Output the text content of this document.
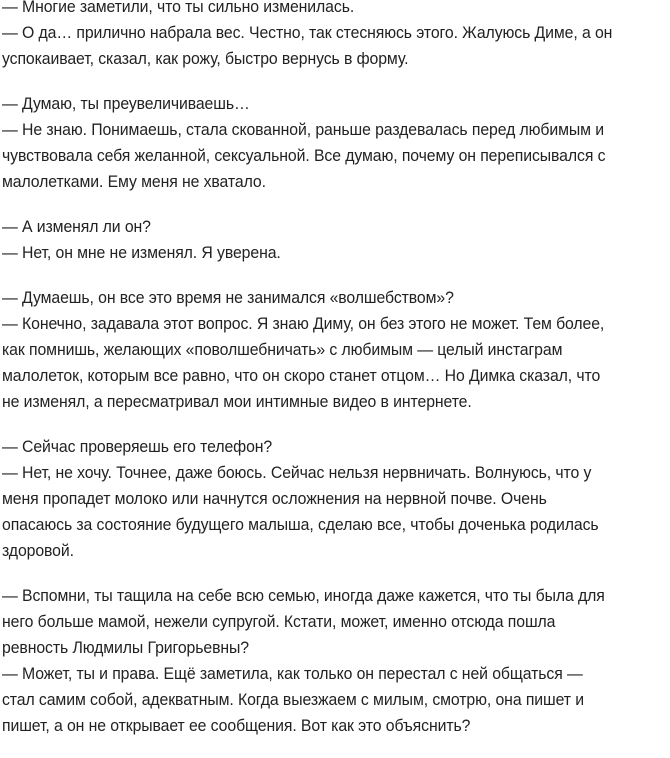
— Многие заметили, что ты сильно изменилась.
— О да… прилично набрала вес. Честно, так стесняюсь этого. Жалуюсь Диме, а он
успокаивает, сказал, как рожу, быстро вернусь в форму.
— Думаю, ты преувеличиваешь…
— Не знаю. Понимаешь, стала скованной, раньше раздевалась перед любимым и
чувствовала себя желанной, сексуальной. Все думаю, почему он переписывался с
малолетками. Ему меня не хватало.
— А изменял ли он?
— Нет, он мне не изменял. Я уверена.
— Думаешь, он все это время не занимался «волшебством»?
— Конечно, задавала этот вопрос. Я знаю Диму, он без этого не может. Тем более,
как помнишь, желающих «поволшебничать» с любимым — целый инстаграм
малолеток, которым все равно, что он скоро станет отцом… Но Димка сказал, что
не изменял, а пересматривал мои интимные видео в интернете.
— Сейчас проверяешь его телефон?
— Нет, не хочу. Точнее, даже боюсь. Сейчас нельзя нервничать. Волнуюсь, что у
меня пропадет молоко или начнутся осложнения на нервной почве. Очень
опасаюсь за состояние будущего малыша, сделаю все, чтобы доченька родилась
здоровой.
— Вспомни, ты тащила на себе всю семью, иногда даже кажется, что ты была для
него больше мамой, нежели супругой. Кстати, может, именно отсюда пошла
ревность Людмилы Григорьевны?
— Может, ты и права. Ещё заметила, как только он перестал с ней общаться —
стал самим собой, адекватным. Когда выезжаем с милым, смотрю, она пишет и
пишет, а он не открывает ее сообщения. Вот как это объяснить?
